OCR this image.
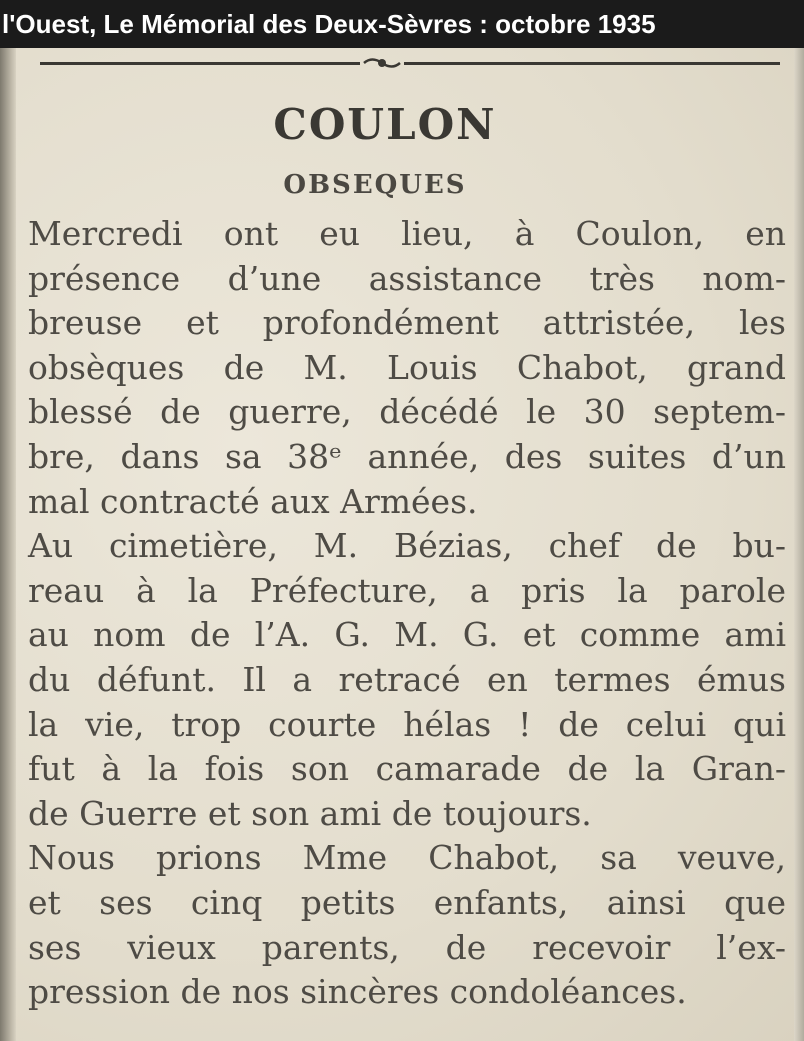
l'Ouest, Le Mémorial des Deux-Sèvres : octobre 1935
COULON
OBSEQUES
Mercredi ont eu lieu, à Coulon, en
présence d’une assistance très nom-
breuse et profondément attristée, les
obsèques de M. Louis Chabot, grand
blessé de guerre, décédé le 30 septem-
bre, dans sa 38ᵉ année, des suites d’un
mal contracté aux Armées.
Au cimetière, M. Bézias, chef de bu-
reau à la Préfecture, a pris la parole
au nom de l’A. G. M. G. et comme ami
du défunt. Il a retracé en termes émus
la vie, trop courte hélas ! de celui qui
fut à la fois son camarade de la Gran-
de Guerre et son ami de toujours.
Nous prions Mme Chabot, sa veuve,
et ses cinq petits enfants, ainsi que
ses vieux parents, de recevoir l’ex-
pression de nos sincères condoléances.
